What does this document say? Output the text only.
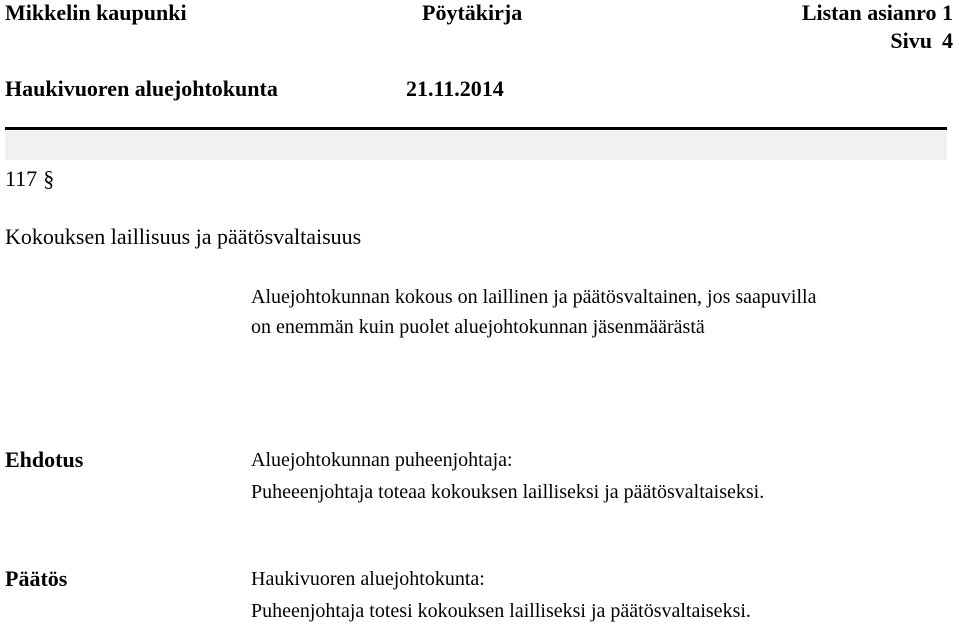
Mikkelin kaupunki	Pöytäkirja	Listan asianro 1
Sivu 4
Haukivuoren aluejohtokunta	21.11.2014
117 §
Kokouksen laillisuus ja päätösvaltaisuus
Aluejohtokunnan kokous on laillinen ja päätösvaltainen, jos saapuvilla
on enemmän kuin puolet aluejohtokunnan jäsenmäärästä
Ehdotus	Aluejohtokunnan puheenjohtaja:
Puheeenjohtaja toteaa kokouksen lailliseksi ja päätösvaltaiseksi.
Päätös	Haukivuoren aluejohtokunta:
Puheenjohtaja totesi kokouksen lailliseksi ja päätösvaltaiseksi.
